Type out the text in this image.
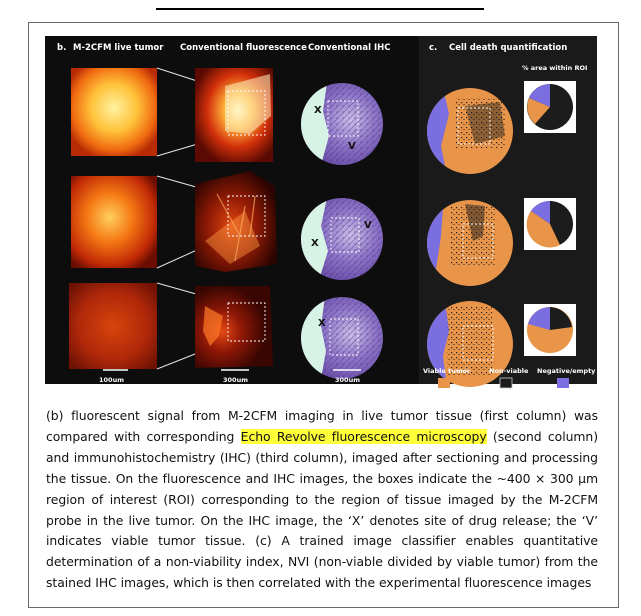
b. M-2CFM live tumor Conventional fluorescence Conventional IHC	c. Cell death quantification
% area within ROI
X
V
X
V
X
V
100um	300um	300um
Viable tumor	Non-viable Negative/empty

(b) fluorescent signal from M-2CFM imaging in live tumor tissue (first column) was compared with corresponding Echo Revolve fluorescence microscopy (second column) and immunohistochemistry (IHC) (third column), imaged after sectioning and processing the tissue. On the fluorescence and IHC images, the boxes indicate the ~400 × 300 µm region of interest (ROI) corresponding to the region of tissue imaged by the M-2CFM probe in the live tumor. On the IHC image, the ‘X’ denotes site of drug release; the ‘V’ indicates viable tumor tissue. (c) A trained image classifier enables quantitative determination of a non-viability index, NVI (non-viable divided by viable tumor) from the stained IHC images, which is then correlated with the experimental fluorescence images
